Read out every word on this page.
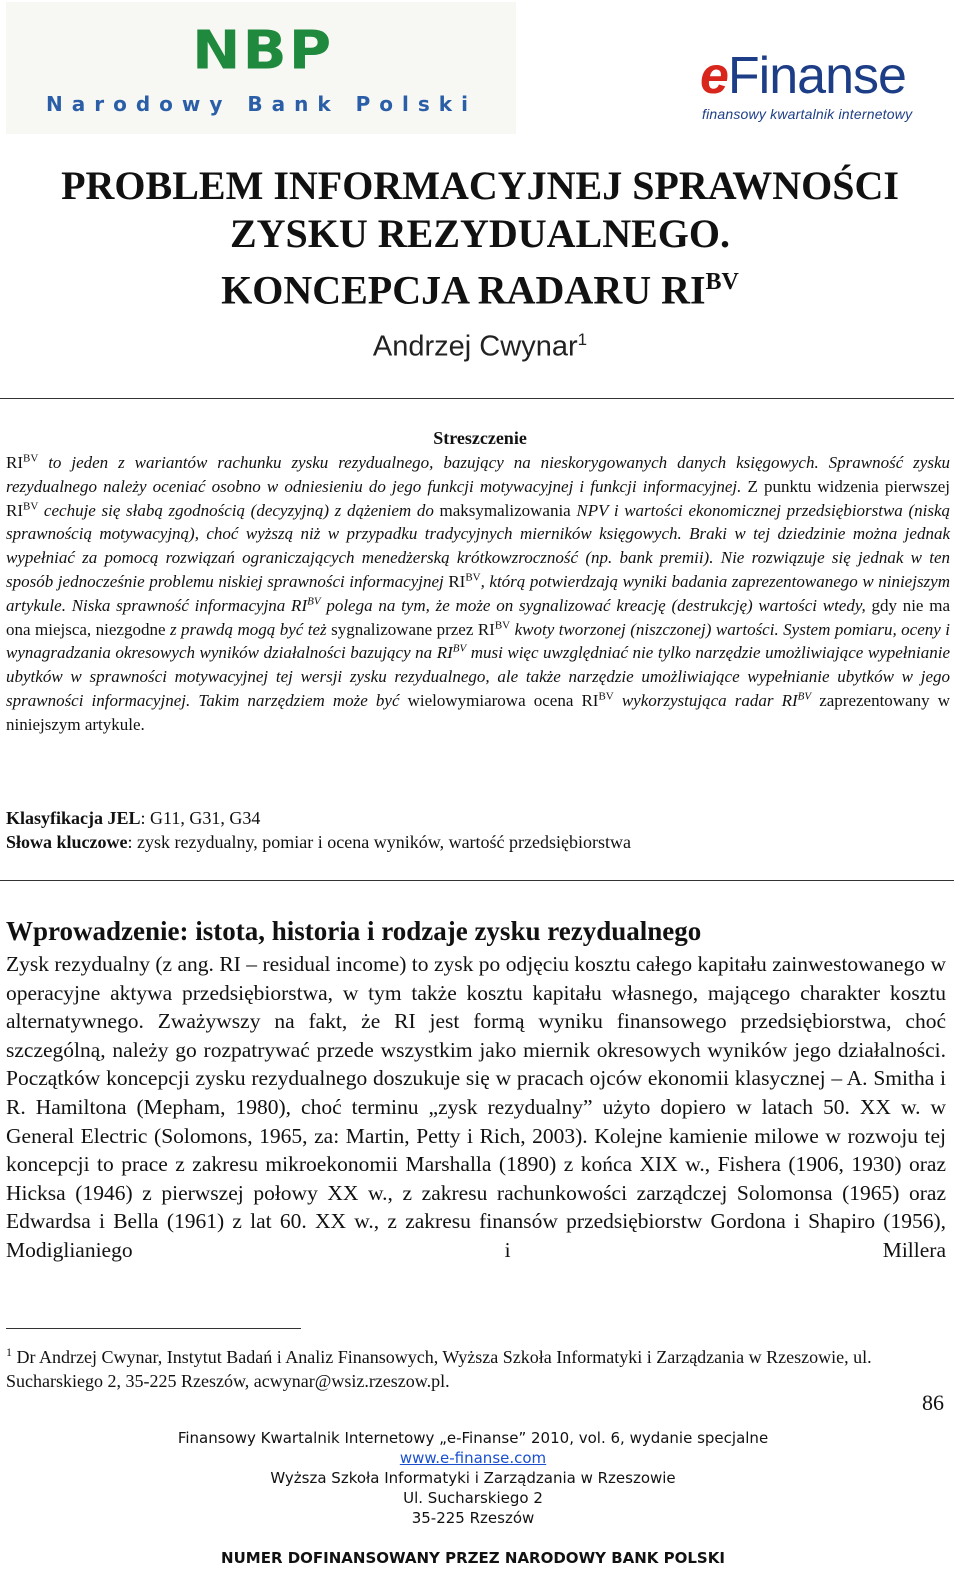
NBP
Narodowy Bank Polski	eFinanse
finansowy kwartalnik internetowy
PROBLEM INFORMACYJNEJ SPRAWNOŚCI
ZYSKU REZYDUALNEGO.
KONCEPCJA RADARU $RI^{BV}$
Andrzej Cwynar$^1$
Streszczenie
$RI^{BV}$ to jeden z wariantów rachunku zysku rezydualnego, bazujący na nieskorygowanych danych księgowych. Sprawność zysku rezydualnego należy oceniać osobno w odniesieniu do jego funkcji motywacyjnej i funkcji informacyjnej. Z punktu widzenia pierwszej $RI^{BV}$ cechuje się słabą zgodnością (decyzyjną) z dążeniem do maksymalizowania NPV i wartości ekonomicznej przedsiębiorstwa (niską sprawnością motywacyjną), choć wyższą niż w przypadku tradycyjnych mierników księgowych. Braki w tej dziedzinie można jednak wypełniać za pomocą rozwiązań ograniczających menedżerską krótkowzroczność (np. bank premii). Nie rozwiązuje się jednak w ten sposób jednocześnie problemu niskiej sprawności informacyjnej $RI^{BV}$, którą potwierdzają wyniki badania zaprezentowanego w niniejszym artykule. Niska sprawność informacyjna $RI^{BV}$ polega na tym, że może on sygnalizować kreację (destrukcję) wartości wtedy, gdy nie ma ona miejsca, niezgodne z prawdą mogą być też sygnalizowane przez $RI^{BV}$ kwoty tworzonej (niszczonej) wartości. System pomiaru, oceny i wynagradzania okresowych wyników działalności bazujący na $RI^{BV}$ musi więc uwzględniać nie tylko narzędzie umożliwiające wypełnianie ubytków w sprawności motywacyjnej tej wersji zysku rezydualnego, ale także narzędzie umożliwiające wypełnianie ubytków w jego sprawności informacyjnej. Takim narzędziem może być wielowymiarowa ocena $RI^{BV}$ wykorzystująca radar $RI^{BV}$ zaprezentowany w niniejszym artykule.
Klasyfikacja JEL: G11, G31, G34
Słowa kluczowe: zysk rezydualny, pomiar i ocena wyników, wartość przedsiębiorstwa
Wprowadzenie: istota, historia i rodzaje zysku rezydualnego
Zysk rezydualny (z ang. RI – residual income) to zysk po odjęciu kosztu całego kapitału zainwestowanego w operacyjne aktywa przedsiębiorstwa, w tym także kosztu kapitału własnego, mającego charakter kosztu alternatywnego. Zważywszy na fakt, że RI jest formą wyniku finansowego przedsiębiorstwa, choć szczególną, należy go rozpatrywać przede wszystkim jako miernik okresowych wyników jego działalności. Początków koncepcji zysku rezydualnego doszukuje się w pracach ojców ekonomii klasycznej – A. Smitha i R. Hamiltona (Mepham, 1980), choć terminu „zysk rezydualny” użyto dopiero w latach 50. XX w. w General Electric (Solomons, 1965, za: Martin, Petty i Rich, 2003). Kolejne kamienie milowe w rozwoju tej koncepcji to prace z zakresu mikroekonomii Marshalla (1890) z końca XIX w., Fishera (1906, 1930) oraz Hicksa (1946) z pierwszej połowy XX w., z zakresu rachunkowości zarządczej Solomonsa (1965) oraz Edwardsa i Bella (1961) z lat 60. XX w., z zakresu finansów przedsiębiorstw Gordona i Shapiro (1956), Modiglianiego i Millera
$^1$ Dr Andrzej Cwynar, Instytut Badań i Analiz Finansowych, Wyższa Szkoła Informatyki i Zarządzania w Rzeszowie, ul. Sucharskiego 2, 35-225 Rzeszów, acwynar@wsiz.rzeszow.pl.
86
Finansowy Kwartalnik Internetowy „e-Finanse” 2010, vol. 6, wydanie specjalne
www.e-finanse.com
Wyższa Szkoła Informatyki i Zarządzania w Rzeszowie
Ul. Sucharskiego 2
35-225 Rzeszów
NUMER DOFINANSOWANY PRZEZ NARODOWY BANK POLSKI
